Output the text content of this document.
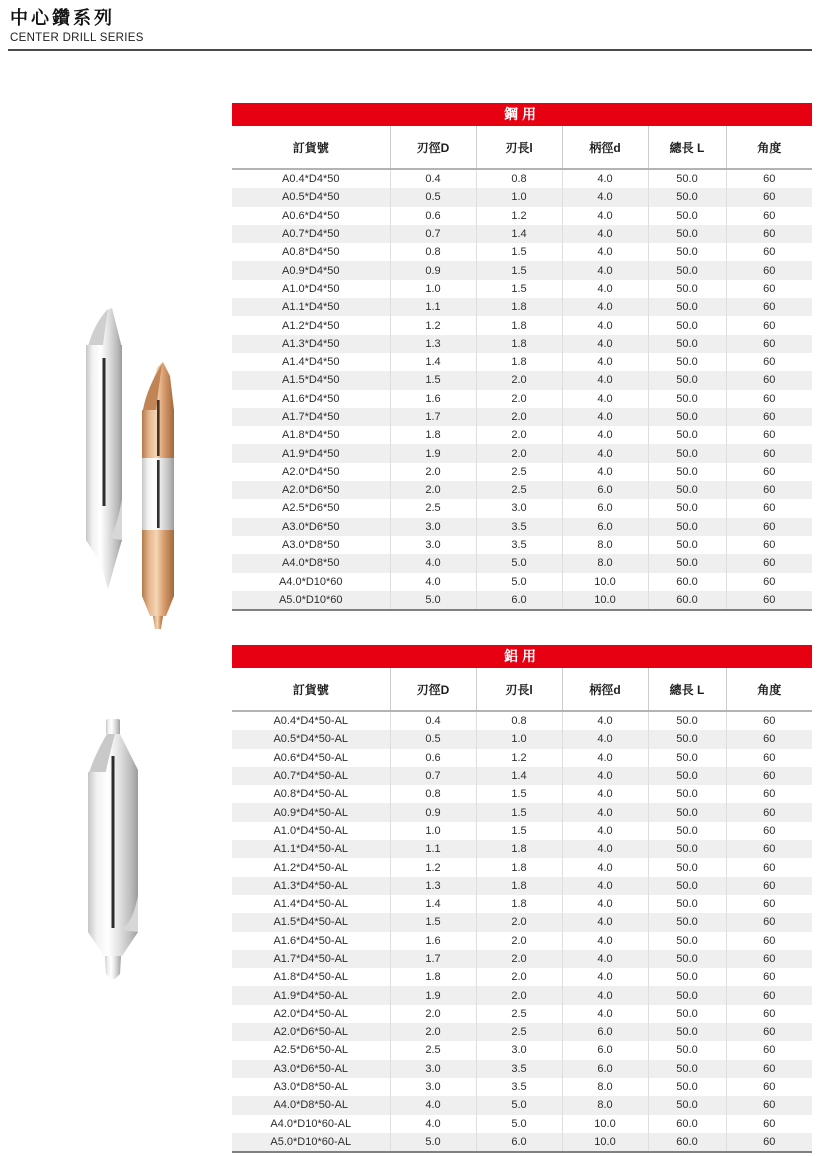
中心鑽系列
CENTER DRILL SERIES
鋼用
訂貨號	刃徑D	刃長l	柄徑d	總長 L	角度
A0.4*D4*50	0.4	0.8	4.0	50.0	60
A0.5*D4*50	0.5	1.0	4.0	50.0	60
A0.6*D4*50	0.6	1.2	4.0	50.0	60
A0.7*D4*50	0.7	1.4	4.0	50.0	60
A0.8*D4*50	0.8	1.5	4.0	50.0	60
A0.9*D4*50	0.9	1.5	4.0	50.0	60
A1.0*D4*50	1.0	1.5	4.0	50.0	60
A1.1*D4*50	1.1	1.8	4.0	50.0	60
A1.2*D4*50	1.2	1.8	4.0	50.0	60
A1.3*D4*50	1.3	1.8	4.0	50.0	60
A1.4*D4*50	1.4	1.8	4.0	50.0	60
A1.5*D4*50	1.5	2.0	4.0	50.0	60
A1.6*D4*50	1.6	2.0	4.0	50.0	60
A1.7*D4*50	1.7	2.0	4.0	50.0	60
A1.8*D4*50	1.8	2.0	4.0	50.0	60
A1.9*D4*50	1.9	2.0	4.0	50.0	60
A2.0*D4*50	2.0	2.5	4.0	50.0	60
A2.0*D6*50	2.0	2.5	6.0	50.0	60
A2.5*D6*50	2.5	3.0	6.0	50.0	60
A3.0*D6*50	3.0	3.5	6.0	50.0	60
A3.0*D8*50	3.0	3.5	8.0	50.0	60
A4.0*D8*50	4.0	5.0	8.0	50.0	60
A4.0*D10*60	4.0	5.0	10.0	60.0	60
A5.0*D10*60	5.0	6.0	10.0	60.0	60
鋁用
訂貨號	刃徑D	刃長l	柄徑d	總長 L	角度
A0.4*D4*50-AL	0.4	0.8	4.0	50.0	60
A0.5*D4*50-AL	0.5	1.0	4.0	50.0	60
A0.6*D4*50-AL	0.6	1.2	4.0	50.0	60
A0.7*D4*50-AL	0.7	1.4	4.0	50.0	60
A0.8*D4*50-AL	0.8	1.5	4.0	50.0	60
A0.9*D4*50-AL	0.9	1.5	4.0	50.0	60
A1.0*D4*50-AL	1.0	1.5	4.0	50.0	60
A1.1*D4*50-AL	1.1	1.8	4.0	50.0	60
A1.2*D4*50-AL	1.2	1.8	4.0	50.0	60
A1.3*D4*50-AL	1.3	1.8	4.0	50.0	60
A1.4*D4*50-AL	1.4	1.8	4.0	50.0	60
A1.5*D4*50-AL	1.5	2.0	4.0	50.0	60
A1.6*D4*50-AL	1.6	2.0	4.0	50.0	60
A1.7*D4*50-AL	1.7	2.0	4.0	50.0	60
A1.8*D4*50-AL	1.8	2.0	4.0	50.0	60
A1.9*D4*50-AL	1.9	2.0	4.0	50.0	60
A2.0*D4*50-AL	2.0	2.5	4.0	50.0	60
A2.0*D6*50-AL	2.0	2.5	6.0	50.0	60
A2.5*D6*50-AL	2.5	3.0	6.0	50.0	60
A3.0*D6*50-AL	3.0	3.5	6.0	50.0	60
A3.0*D8*50-AL	3.0	3.5	8.0	50.0	60
A4.0*D8*50-AL	4.0	5.0	8.0	50.0	60
A4.0*D10*60-AL	4.0	5.0	10.0	60.0	60
A5.0*D10*60-AL	5.0	6.0	10.0	60.0	60
